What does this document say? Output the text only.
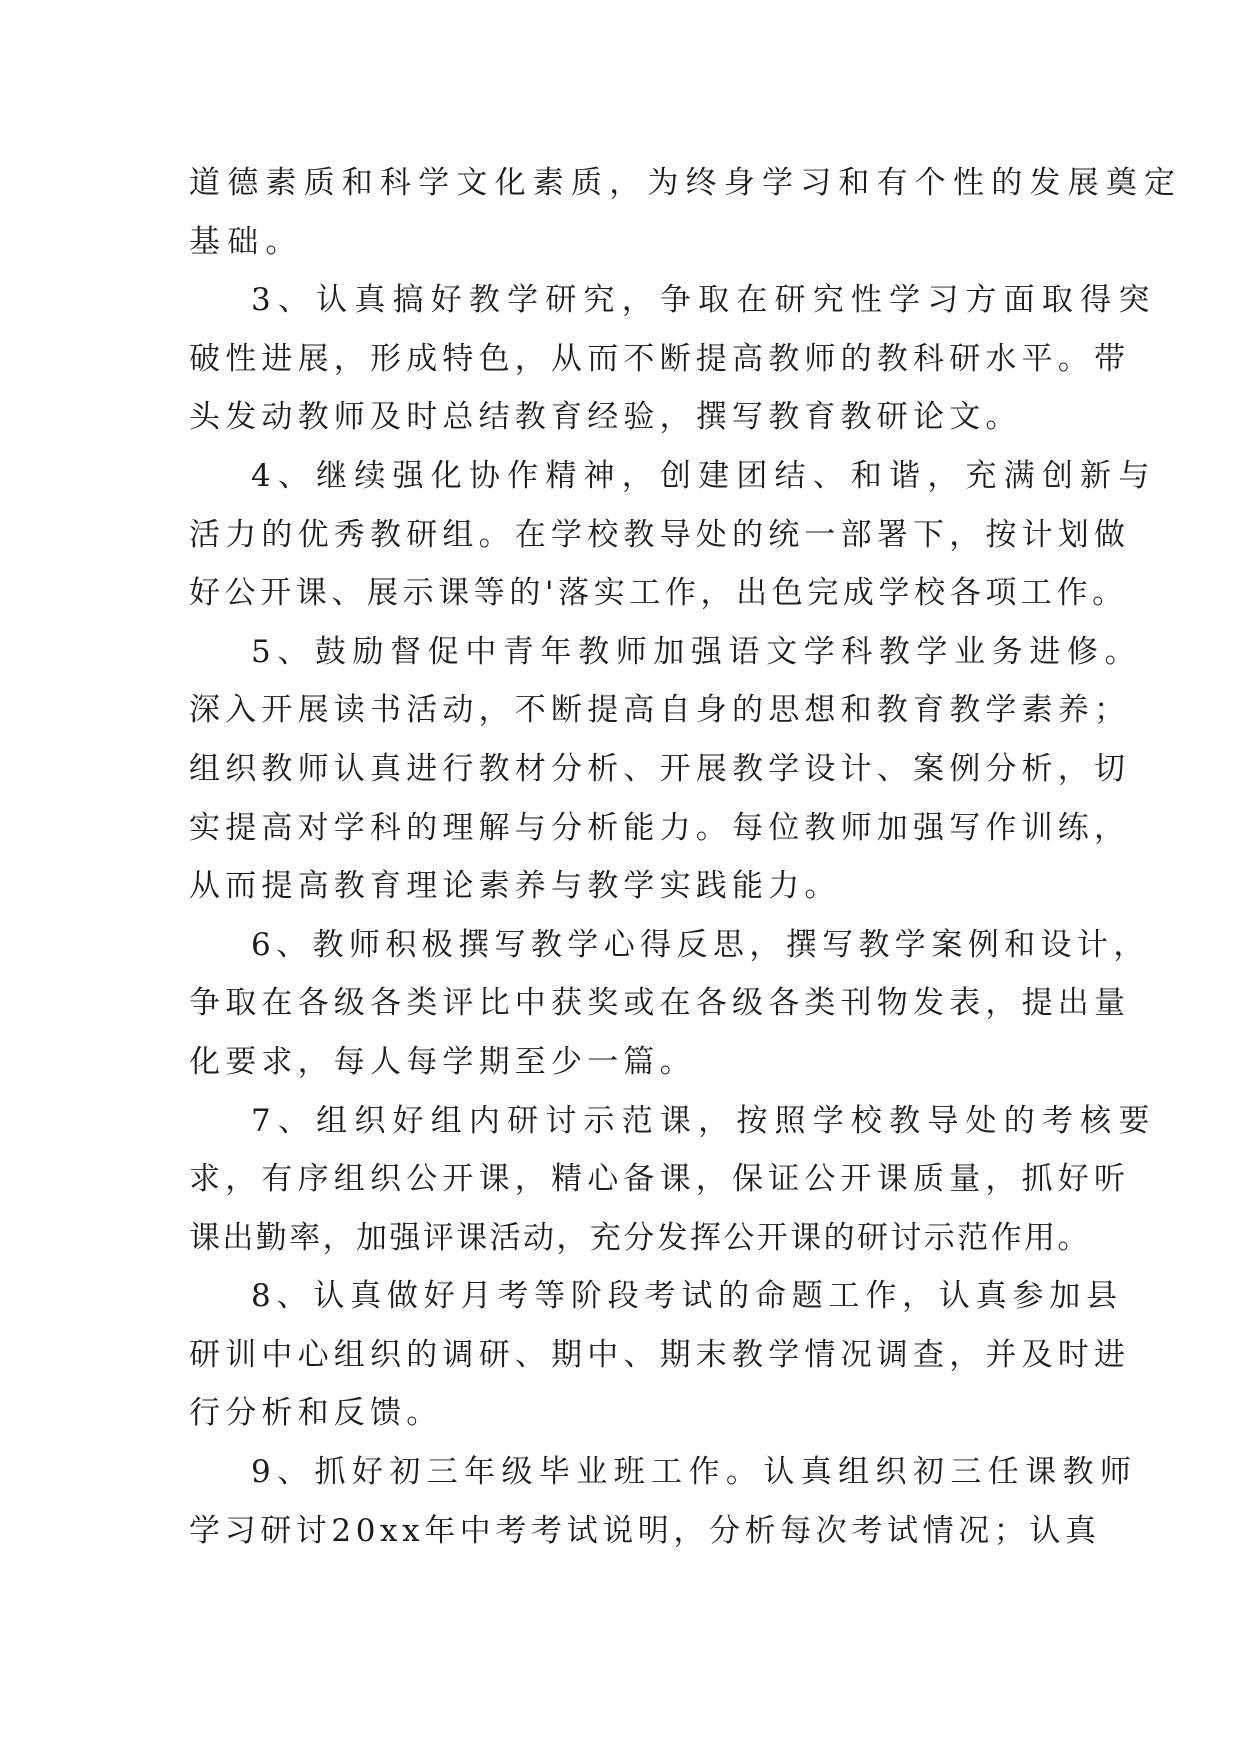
道德素质和科学文化素质，为终身学习和有个性的发展奠定
基础。
3、认真搞好教学研究，争取在研究性学习方面取得突
破性进展，形成特色，从而不断提高教师的教科研水平。带
头发动教师及时总结教育经验，撰写教育教研论文。
4、继续强化协作精神，创建团结、和谐，充满创新与
活力的优秀教研组。在学校教导处的统一部署下，按计划做
好公开课、展示课等的'落实工作，出色完成学校各项工作。
5、鼓励督促中青年教师加强语文学科教学业务进修。
深入开展读书活动，不断提高自身的思想和教育教学素养；
组织教师认真进行教材分析、开展教学设计、案例分析，切
实提高对学科的理解与分析能力。每位教师加强写作训练，
从而提高教育理论素养与教学实践能力。
6、教师积极撰写教学心得反思，撰写教学案例和设计，
争取在各级各类评比中获奖或在各级各类刊物发表，提出量
化要求，每人每学期至少一篇。
7、组织好组内研讨示范课，按照学校教导处的考核要
求，有序组织公开课，精心备课，保证公开课质量，抓好听
课出勤率，加强评课活动，充分发挥公开课的研讨示范作用。
8、认真做好月考等阶段考试的命题工作，认真参加县
研训中心组织的调研、期中、期末教学情况调查，并及时进
行分析和反馈。
9、抓好初三年级毕业班工作。认真组织初三任课教师
学习研讨20xx年中考考试说明，分析每次考试情况；认真
